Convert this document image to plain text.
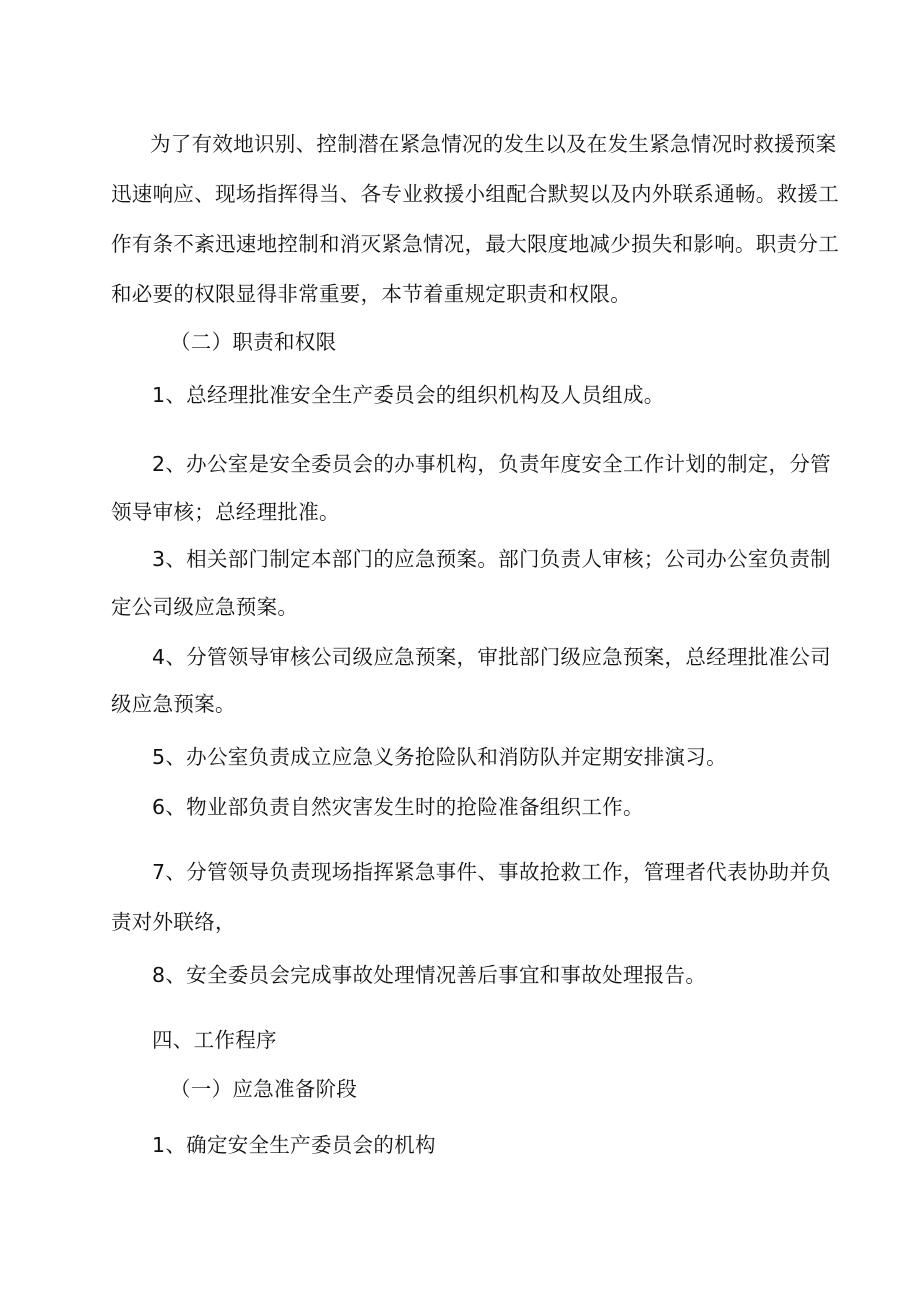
为了有效地识别、控制潜在紧急情况的发生以及在发生紧急情况时救援预案
迅速响应、现场指挥得当、各专业救援小组配合默契以及内外联系通畅。救援工
作有条不紊迅速地控制和消灭紧急情况，最大限度地减少损失和影响。职责分工
和必要的权限显得非常重要，本节着重规定职责和权限。
（二）职责和权限
1、总经理批准安全生产委员会的组织机构及人员组成。
2、办公室是安全委员会的办事机构，负责年度安全工作计划的制定，分管
领导审核；总经理批准。
3、相关部门制定本部门的应急预案。部门负责人审核；公司办公室负责制
定公司级应急预案。
4、分管领导审核公司级应急预案，审批部门级应急预案，总经理批准公司
级应急预案。
5、办公室负责成立应急义务抢险队和消防队并定期安排演习。
6、物业部负责自然灾害发生时的抢险准备组织工作。
7、分管领导负责现场指挥紧急事件、事故抢救工作，管理者代表协助并负
责对外联络，
8、安全委员会完成事故处理情况善后事宜和事故处理报告。
四、工作程序
（一）应急准备阶段
1、确定安全生产委员会的机构
